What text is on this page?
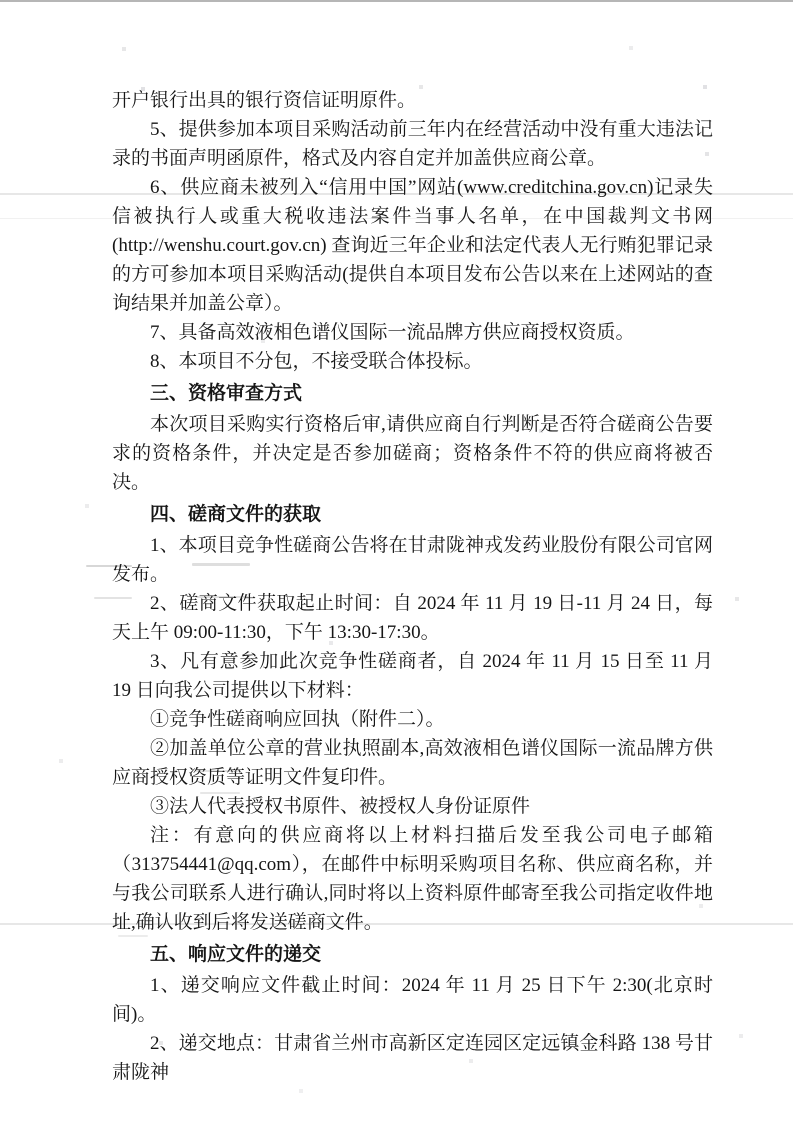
开户银行出具的银行资信证明原件。

5、提供参加本项目采购活动前三年内在经营活动中没有重大违法记录的书面声明函原件，格式及内容自定并加盖供应商公章。

6、供应商未被列入“信用中国”网站(www.creditchina.gov.cn)记录失信被执行人或重大税收违法案件当事人名单，在中国裁判文书网(http://wenshu.court.gov.cn) 查询近三年企业和法定代表人无行贿犯罪记录的方可参加本项目采购活动(提供自本项目发布公告以来在上述网站的查询结果并加盖公章）。

7、具备高效液相色谱仪国际一流品牌方供应商授权资质。

8、本项目不分包，不接受联合体投标。

三、资格审查方式

本次项目采购实行资格后审,请供应商自行判断是否符合磋商公告要求的资格条件，并决定是否参加磋商；资格条件不符的供应商将被否决。

四、磋商文件的获取

1、本项目竞争性磋商公告将在甘肃陇神戎发药业股份有限公司官网发布。

2、磋商文件获取起止时间：自 2024 年 11 月 19 日-11 月 24 日，每天上午 09:00-11:30，下午 13:30-17:30。

3、凡有意参加此次竞争性磋商者，自 2024 年 11 月 15 日至 11 月 19 日向我公司提供以下材料：

①竞争性磋商响应回执（附件二）。

②加盖单位公章的营业执照副本,高效液相色谱仪国际一流品牌方供应商授权资质等证明文件复印件。

③法人代表授权书原件、被授权人身份证原件

注：有意向的供应商将以上材料扫描后发至我公司电子邮箱（313754441@qq.com），在邮件中标明采购项目名称、供应商名称，并与我公司联系人进行确认,同时将以上资料原件邮寄至我公司指定收件地址,确认收到后将发送磋商文件。

五、响应文件的递交

1、递交响应文件截止时间：2024 年 11 月 25 日下午 2:30(北京时间)。

2、递交地点：甘肃省兰州市高新区定连园区定远镇金科路 138 号甘肃陇神
